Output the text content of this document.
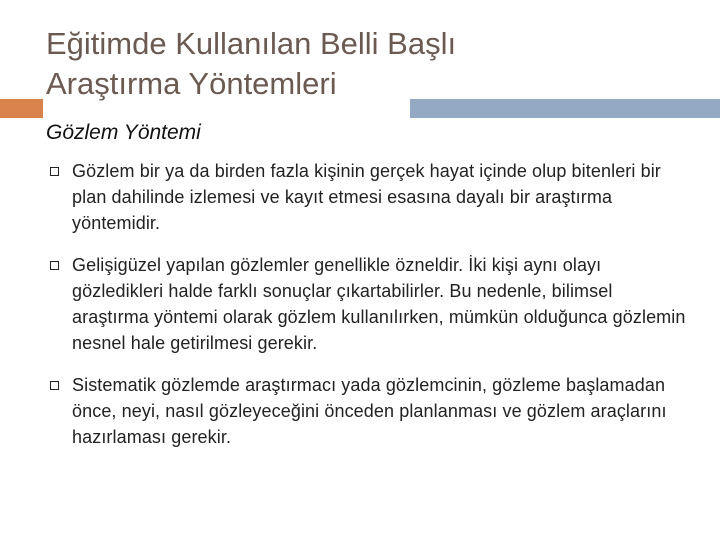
Eğitimde Kullanılan Belli Başlı
Araştırma Yöntemleri
Gözlem Yöntemi
Gözlem bir ya da birden fazla kişinin gerçek hayat içinde olup bitenleri bir plan dahilinde izlemesi ve kayıt etmesi esasına dayalı bir araştırma yöntemidir.
Gelişigüzel yapılan gözlemler genellikle özneldir. İki kişi aynı olayı gözledikleri halde farklı sonuçlar çıkartabilirler. Bu nedenle, bilimsel araştırma yöntemi olarak gözlem kullanılırken, mümkün olduğunca gözlemin nesnel hale getirilmesi gerekir.
Sistematik gözlemde araştırmacı yada gözlemcinin, gözleme başlamadan önce, neyi, nasıl gözleyeceğini önceden planlanması ve gözlem araçlarını hazırlaması gerekir.
